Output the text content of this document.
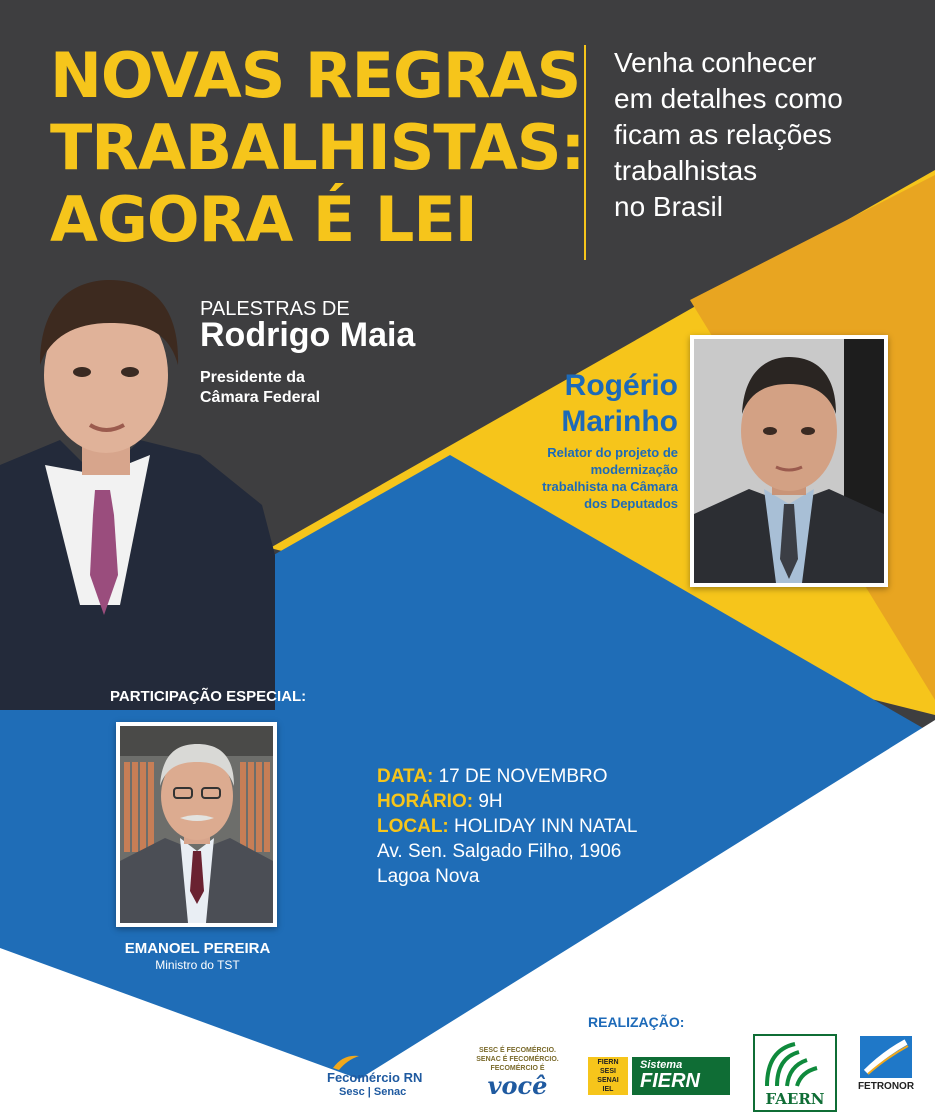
NOVAS REGRAS
TRABALHISTAS:
AGORA É LEI
Venha conhecer
em detalhes como
ficam as relações
trabalhistas
no Brasil
PALESTRAS DE
Rodrigo Maia
Presidente da
Câmara Federal	Rogério
Marinho
Relator do projeto de
modernização
trabalhista na Câmara
dos Deputados
PARTICIPAÇÃO ESPECIAL:
EMANOEL PEREIRA
Ministro do TST
DATA: 17 DE NOVEMBRO
HORÁRIO: 9H
LOCAL: HOLIDAY INN NATAL
Av. Sen. Salgado Filho, 1906
Lagoa Nova
REALIZAÇÃO:
Fecomércio RN
Sesc | Senac
SESC É FECOMÉRCIO.
SENAC É FECOMÉRCIO.
FECOMÉRCIO É
você
FIERN
SESI
SENAI
IEL
Sistema
FIERN
FAERN
FETRONOR
